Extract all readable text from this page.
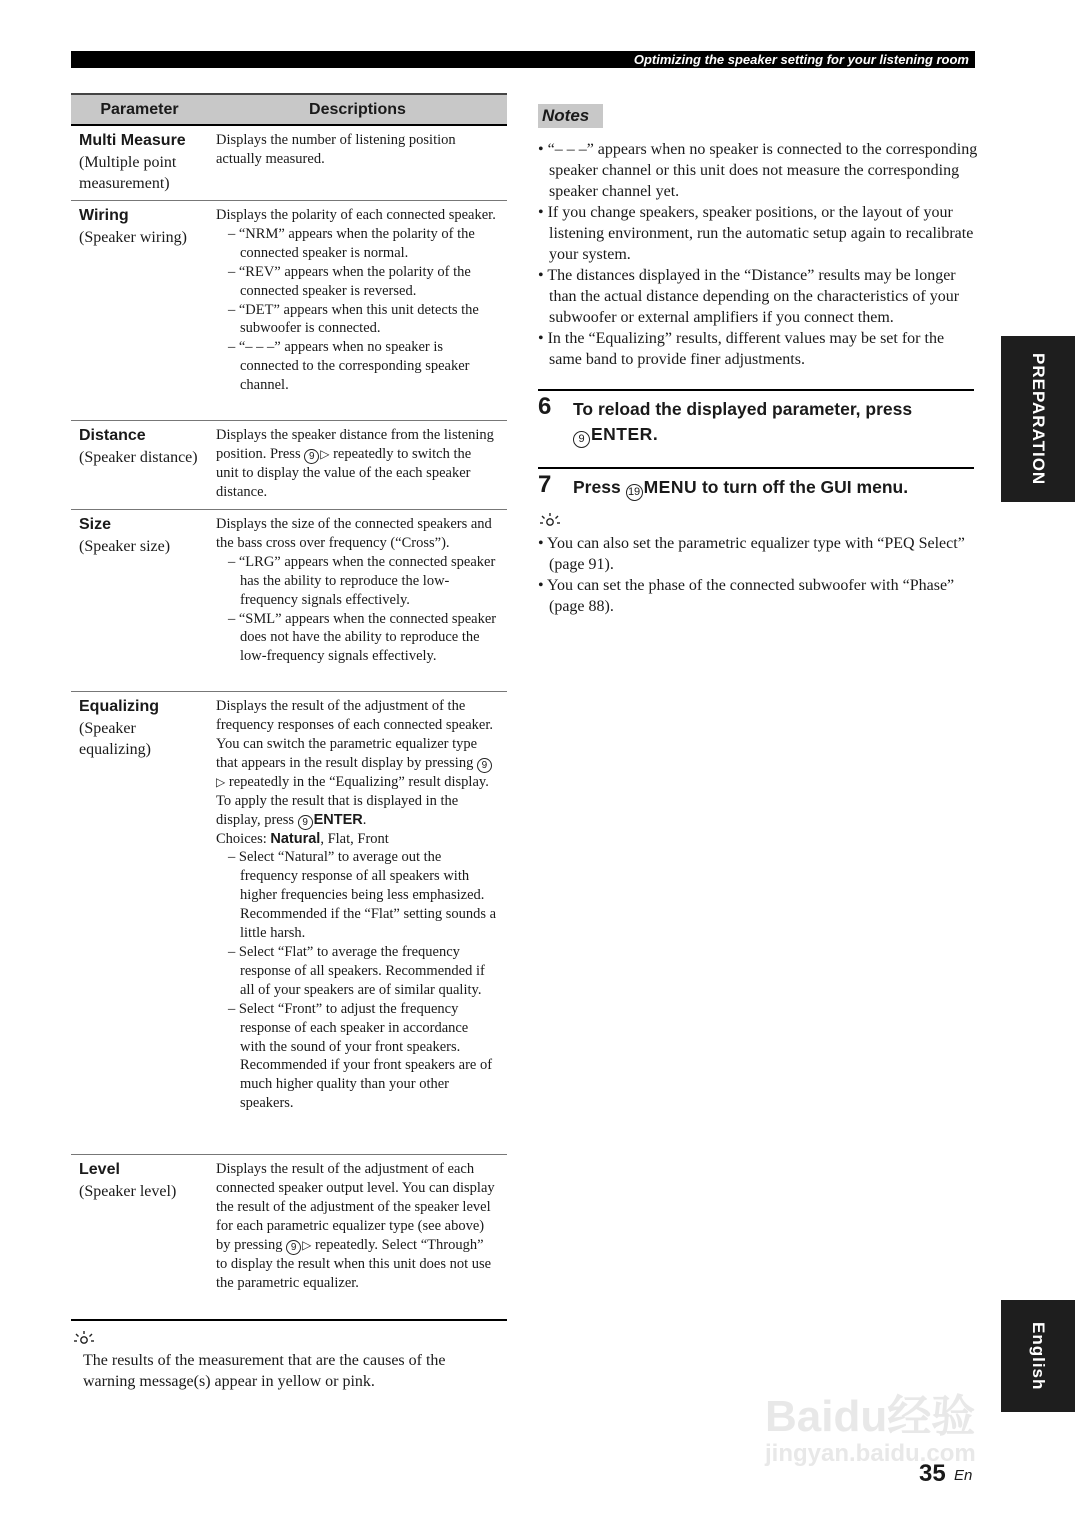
Optimizing the speaker setting for your listening room
Parameter	Descriptions
Multi Measure
(Multiple point measurement)
Displays the number of listening position actually measured.
Wiring
(Speaker wiring)
Displays the polarity of each connected speaker.
– “NRM” appears when the polarity of the connected speaker is normal.
– “REV” appears when the polarity of the connected speaker is reversed.
– “DET” appears when this unit detects the subwoofer is connected.
– “– – –” appears when no speaker is connected to the corresponding speaker channel.
Distance
(Speaker distance)
Displays the speaker distance from the listening position. Press 9 ▷ repeatedly to switch the unit to display the value of the each speaker distance.
Size
(Speaker size)
Displays the size of the connected speakers and the bass cross over frequency (“Cross”).
– “LRG” appears when the connected speaker has the ability to reproduce the low-frequency signals effectively.
– “SML” appears when the connected speaker does not have the ability to reproduce the low-frequency signals effectively.
Equalizing
(Speaker equalizing)
Displays the result of the adjustment of the frequency responses of each connected speaker. You can switch the parametric equalizer type that appears in the result display by pressing 9▷ repeatedly in the “Equalizing” result display. To apply the result that is displayed in the display, press 9 ENTER.
Choices: Natural, Flat, Front
– Select “Natural” to average out the frequency response of all speakers with higher frequencies being less emphasized. Recommended if the “Flat” setting sounds a little harsh.
– Select “Flat” to average the frequency response of all speakers. Recommended if all of your speakers are of similar quality.
– Select “Front” to adjust the frequency response of each speaker in accordance with the sound of your front speakers. Recommended if your front speakers are of much higher quality than your other speakers.
Level
(Speaker level)
Displays the result of the adjustment of each connected speaker output level. You can display the result of the adjustment of the speaker level for each parametric equalizer type (see above) by pressing 9 ▷ repeatedly. Select “Through” to display the result when this unit does not use the parametric equalizer.
The results of the measurement that are the causes of the warning message(s) appear in yellow or pink.
Notes
• “– – –” appears when no speaker is connected to the corresponding speaker channel or this unit does not measure the corresponding speaker channel yet.
• If you change speakers, speaker positions, or the layout of your listening environment, run the automatic setup again to recalibrate your system.
• The distances displayed in the “Distance” results may be longer than the actual distance depending on the characteristics of your subwoofer or external amplifiers if you connect them.
• In the “Equalizing” results, different values may be set for the same band to provide finer adjustments.
6 To reload the displayed parameter, press
9 ENTER.
7 Press 19 MENU to turn off the GUI menu.
• You can also set the parametric equalizer type with “PEQ Select” (page 91).
• You can set the phase of the connected subwoofer with “Phase” (page 88).
PREPARATION
English
Baidu经验
jingyan.baidu.com
35 En
